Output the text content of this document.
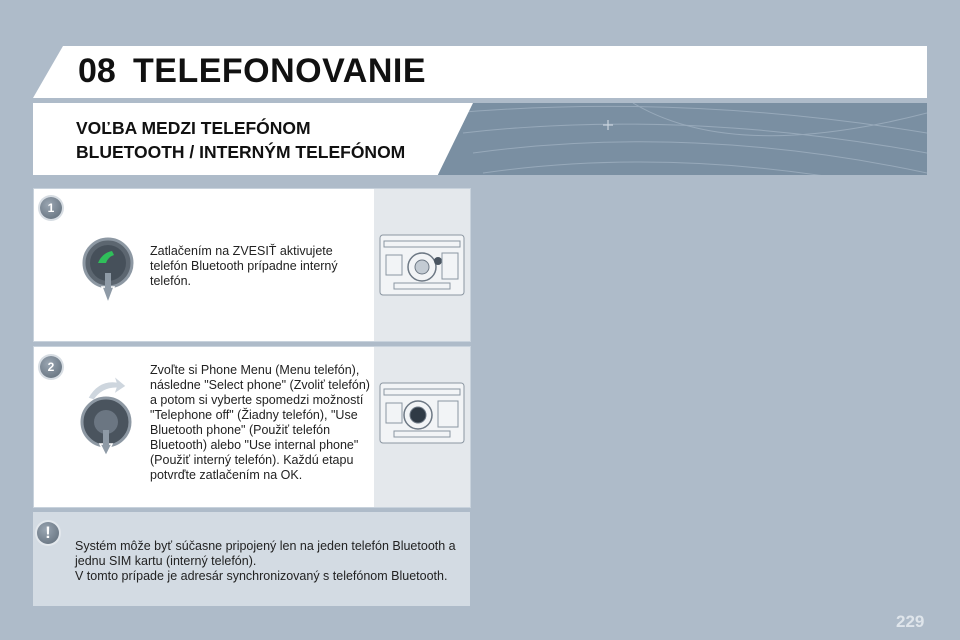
08 TELEFONOVANIE
VOĽBA MEDZI TELEFÓNOM
BLUETOOTH / INTERNÝM TELEFÓNOM
1
Zatlačením na ZVESIŤ aktivujete telefón Bluetooth prípadne interný telefón.
2	Zvoľte si Phone Menu (Menu telefón), následne "Select phone" (Zvoliť telefón) a potom si vyberte spomedzi možností "Telephone off" (Žiadny telefón), "Use Bluetooth phone" (Použiť telefón Bluetooth) alebo "Use internal phone" (Použiť interný telefón). Každú etapu potvrďte zatlačením na OK.
!
Systém môže byť súčasne pripojený len na jeden telefón Bluetooth a jednu SIM kartu (interný telefón).
V tomto prípade je adresár synchronizovaný s telefónom Bluetooth.
229
